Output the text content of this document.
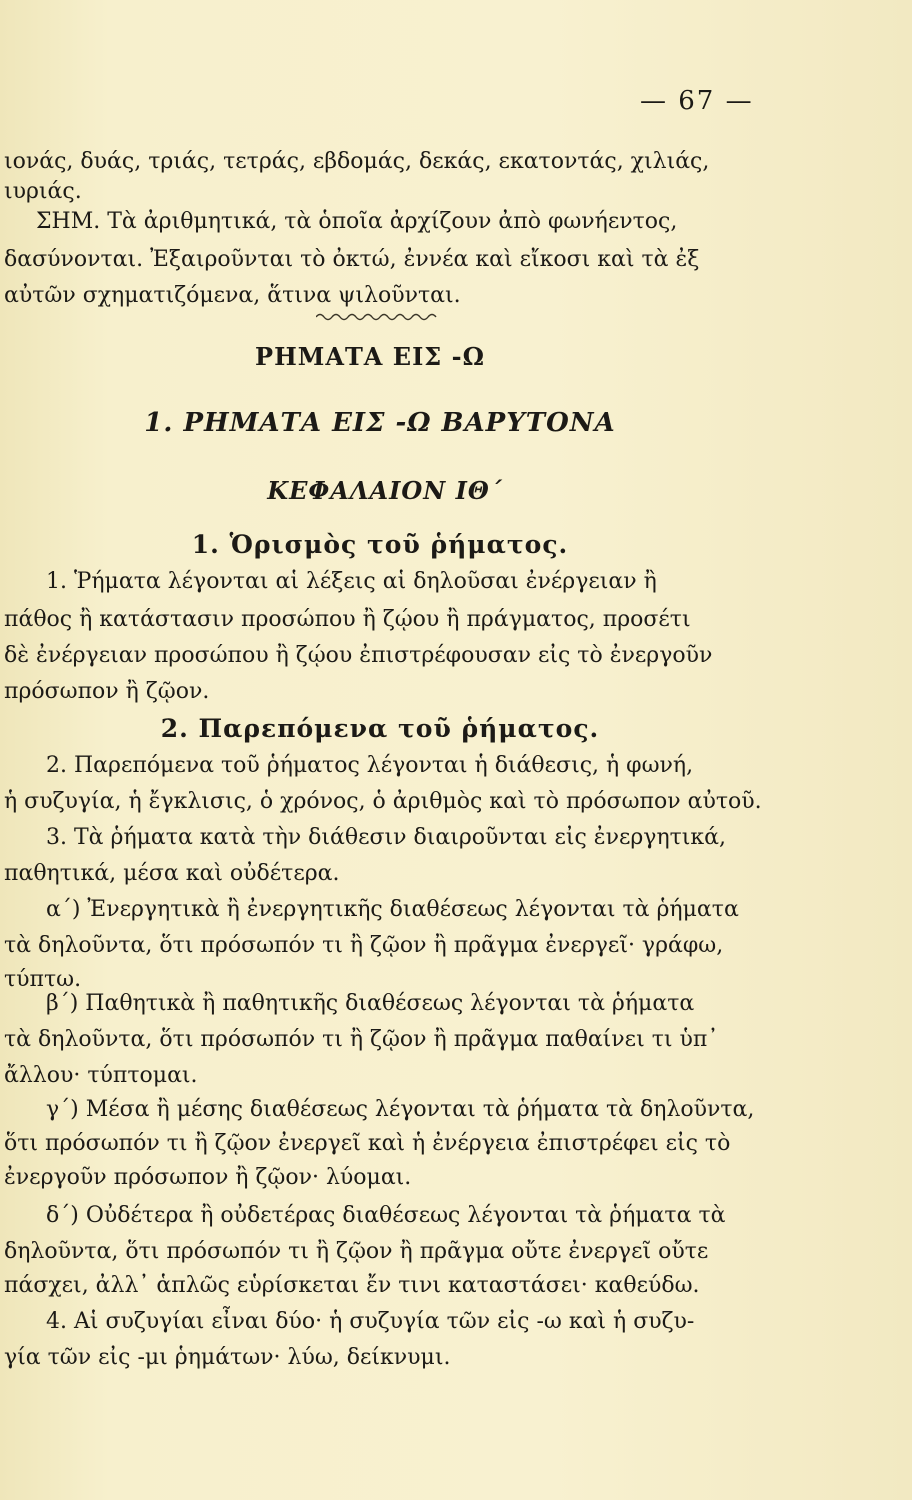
— 67 —
ιονάς, δυάς, τριάς, τετράς, εβδομάς, δεκάς, εκατοντάς, χιλιάς,
ιυριάς.
ΣΗΜ. Τὰ ἀριθμητικά, τὰ ὁποῖα ἀρχίζουν ἀπὸ φωνήεντος,
δασύνονται. Ἐξαιροῦνται τὸ ὀκτώ, ἐννέα καὶ εἴκοσι καὶ τὰ ἐξ
αὐτῶν σχηματιζόμενα, ἅτινα ψιλοῦνται.
ΡΗΜΑΤΑ ΕΙΣ -Ω
1. ΡΗΜΑΤΑ ΕΙΣ -Ω ΒΑΡΥΤΟΝΑ
ΚΕΦΑΛΑΙΟΝ ΙΘ΄
1. Ὁρισμὸς τοῦ ῥήματος.
1. Ῥήματα λέγονται αἱ λέξεις αἱ δηλοῦσαι ἐνέργειαν ἢ
πάθος ἢ κατάστασιν προσώπου ἢ ζῴου ἢ πράγματος, προσέτι
δὲ ἐνέργειαν προσώπου ἢ ζῴου ἐπιστρέφουσαν εἰς τὸ ἐνεργοῦν
πρόσωπον ἢ ζῷον.
2. Παρεπόμενα τοῦ ῥήματος.
2. Παρεπόμενα τοῦ ῥήματος λέγονται ἡ διάθεσις, ἡ φωνή,
ἡ συζυγία, ἡ ἔγκλισις, ὁ χρόνος, ὁ ἀριθμὸς καὶ τὸ πρόσωπον αὐτοῦ.
3. Τὰ ῥήματα κατὰ τὴν διάθεσιν διαιροῦνται εἰς ἐνεργητικά,
παθητικά, μέσα καὶ οὐδέτερα.
α΄) Ἐνεργητικὰ ἢ ἐνεργητικῆς διαθέσεως λέγονται τὰ ῥήματα
τὰ δηλοῦντα, ὅτι πρόσωπόν τι ἢ ζῷον ἢ πρᾶγμα ἐνεργεῖ· γράφω,
τύπτω.
β΄) Παθητικὰ ἢ παθητικῆς διαθέσεως λέγονται τὰ ῥήματα
τὰ δηλοῦντα, ὅτι πρόσωπόν τι ἢ ζῷον ἢ πρᾶγμα παθαίνει τι ὑπ᾽
ἄλλου· τύπτομαι.
γ΄) Μέσα ἢ μέσης διαθέσεως λέγονται τὰ ῥήματα τὰ δηλοῦντα,
ὅτι πρόσωπόν τι ἢ ζῷον ἐνεργεῖ καὶ ἡ ἐνέργεια ἐπιστρέφει εἰς τὸ
ἐνεργοῦν πρόσωπον ἢ ζῷον· λύομαι.
δ΄) Οὐδέτερα ἢ οὐδετέρας διαθέσεως λέγονται τὰ ῥήματα τὰ
δηλοῦντα, ὅτι πρόσωπόν τι ἢ ζῷον ἢ πρᾶγμα οὔτε ἐνεργεῖ οὔτε
πάσχει, ἀλλ᾽ ἁπλῶς εὑρίσκεται ἔν τινι καταστάσει· καθεύδω.
4. Αἱ συζυγίαι εἶναι δύο· ἡ συζυγία τῶν εἰς -ω καὶ ἡ συζυ-
γία τῶν εἰς -μι ῥημάτων· λύω, δείκνυμι.
